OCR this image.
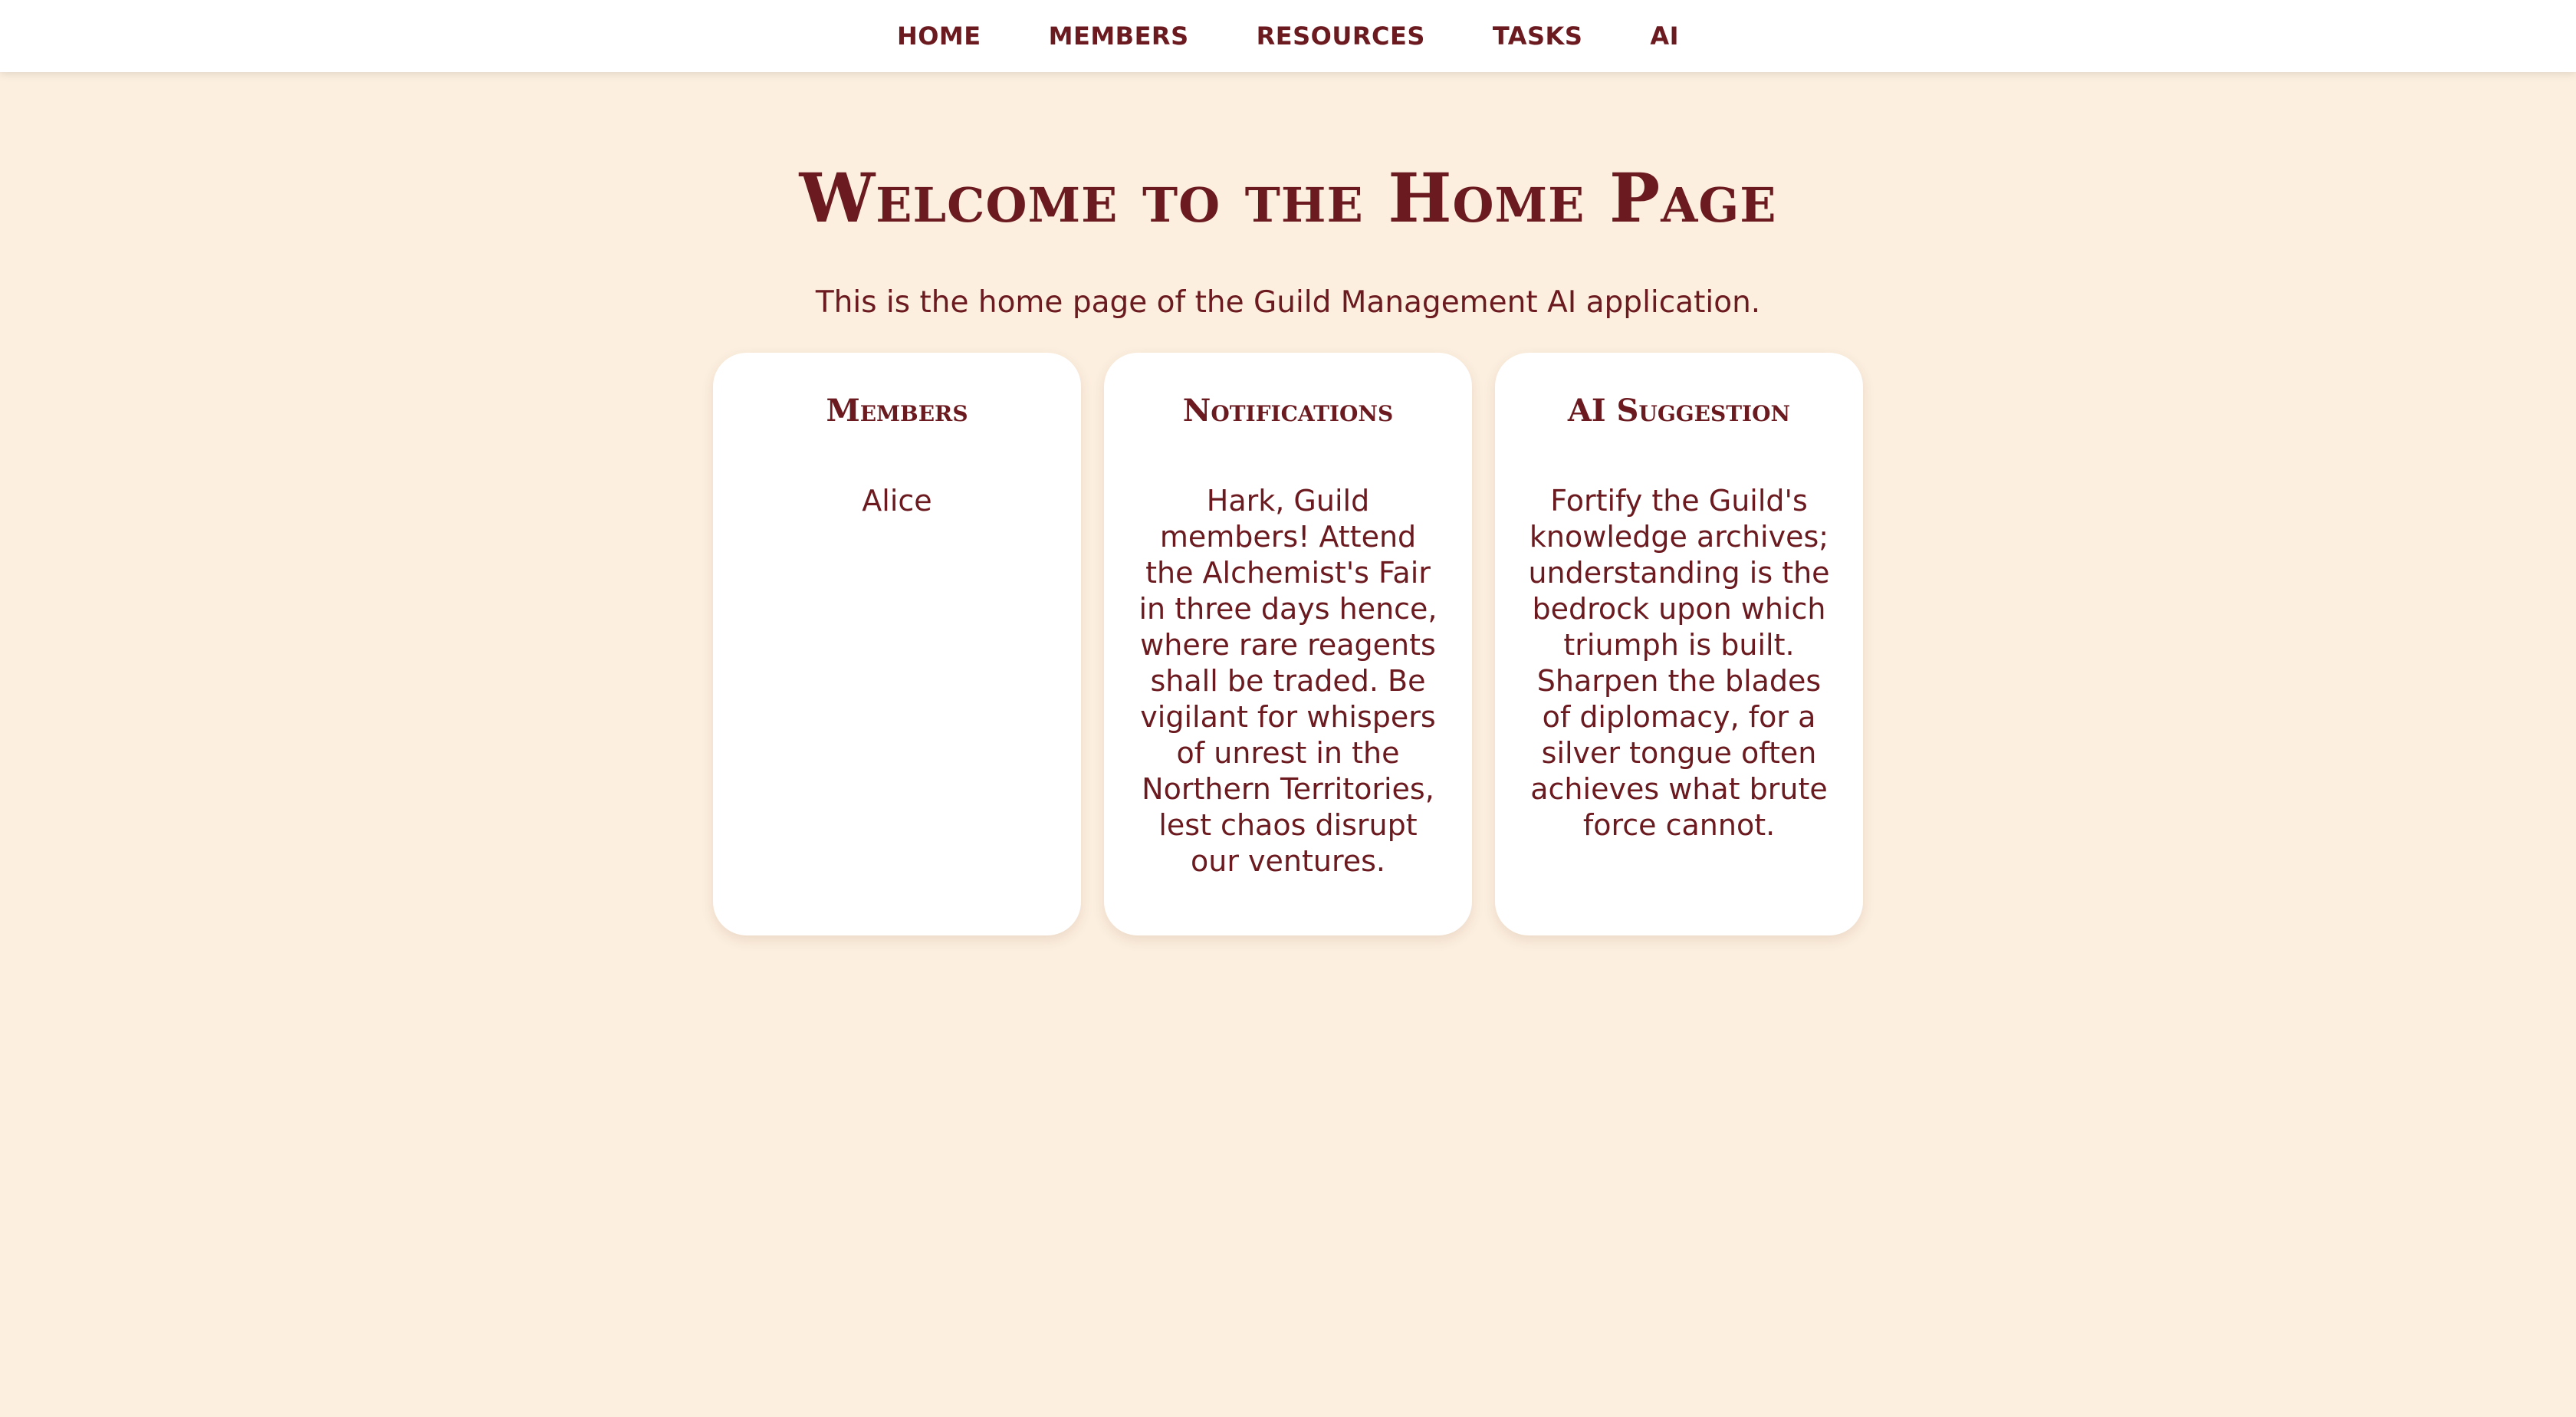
HOME	MEMBERS	RESOURCES	TASKS	AI
Welcome to the Home Page

This is the home page of the Guild Management AI application.

Members

Alice

Notifications

Hark, Guild members! Attend the Alchemist's Fair in three days hence, where rare reagents shall be traded. Be vigilant for whispers of unrest in the Northern Territories, lest chaos disrupt our ventures.

AI Suggestion

Fortify the Guild's knowledge archives; understanding is the bedrock upon which triumph is built. Sharpen the blades of diplomacy, for a silver tongue often achieves what brute force cannot.
